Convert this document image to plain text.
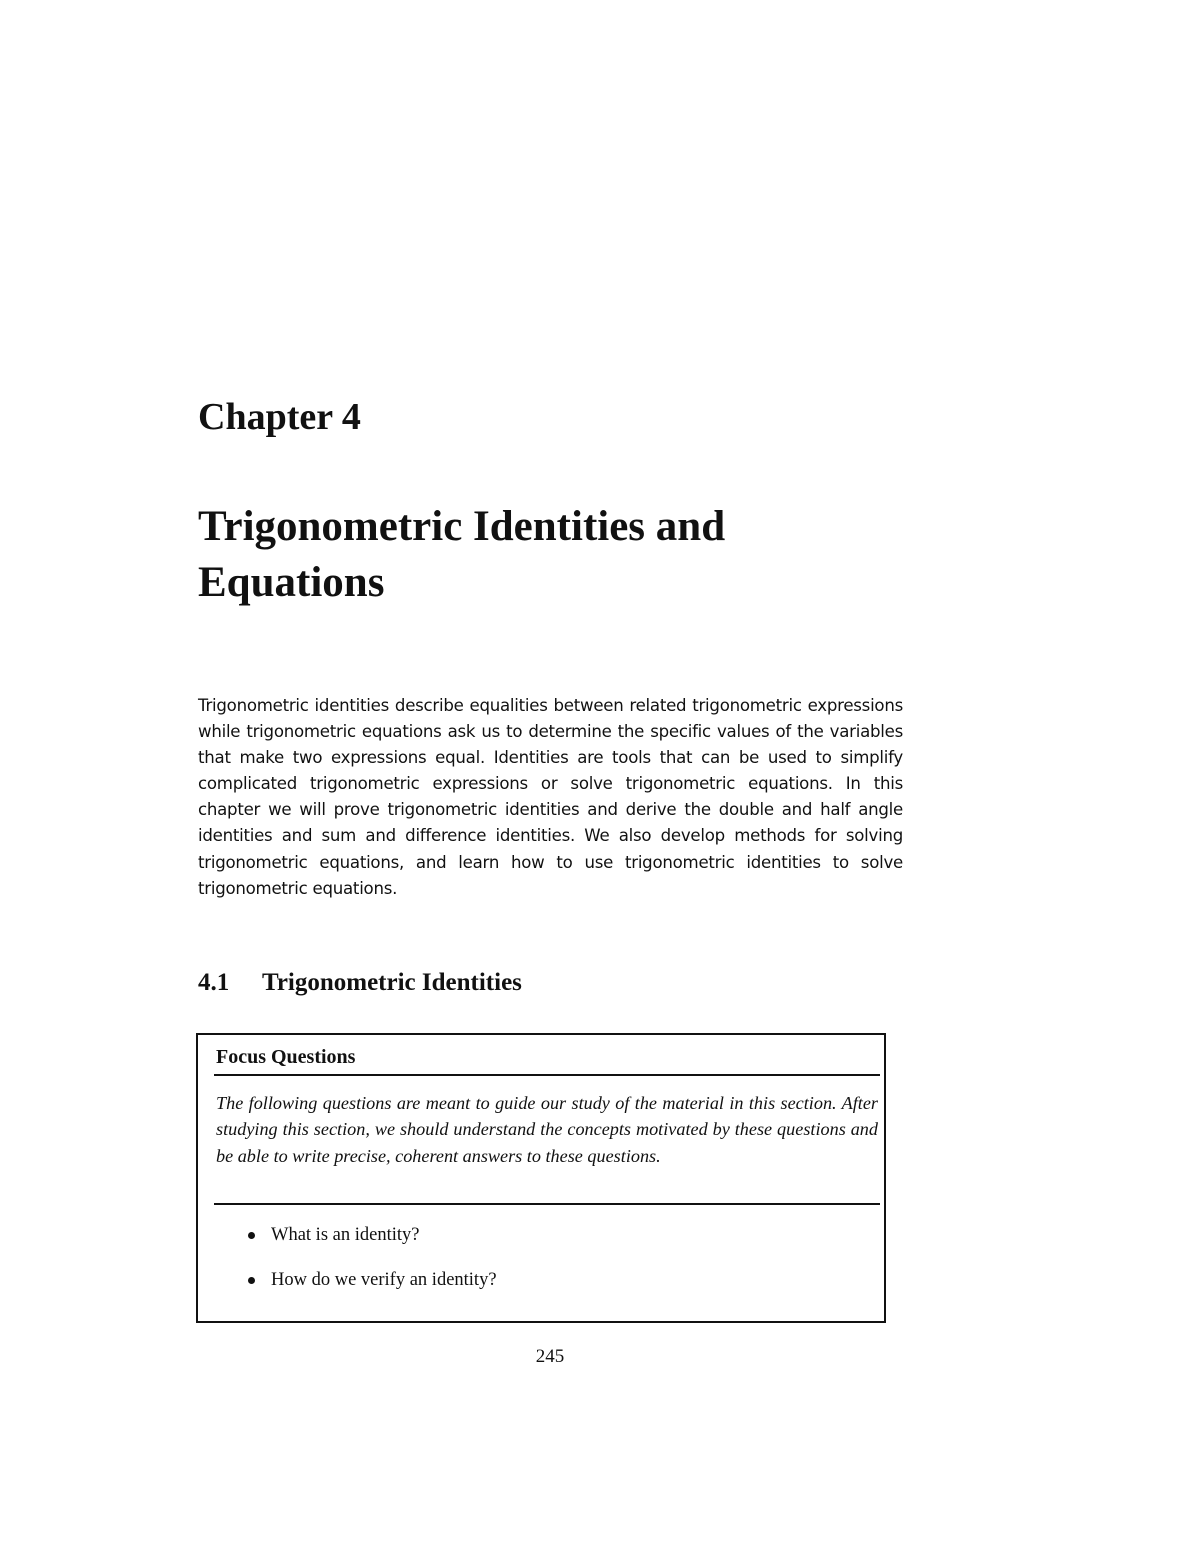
Chapter 4
Trigonometric Identities and Equations

Trigonometric identities describe equalities between related trigonometric expressions while trigonometric equations ask us to determine the specific values of the variables that make two expressions equal. Identities are tools that can be used to simplify complicated trigonometric expressions or solve trigonometric equations. In this chapter we will prove trigonometric identities and derive the double and half angle identities and sum and difference identities. We also develop methods for solving trigonometric equations, and learn how to use trigonometric identities to solve trigonometric equations.

4.1 Trigonometric Identities
Focus Questions

The following questions are meant to guide our study of the material in this section. After studying this section, we should understand the concepts motivated by these questions and be able to write precise, coherent answers to these questions.

What is an identity?
How do we verify an identity?

245
